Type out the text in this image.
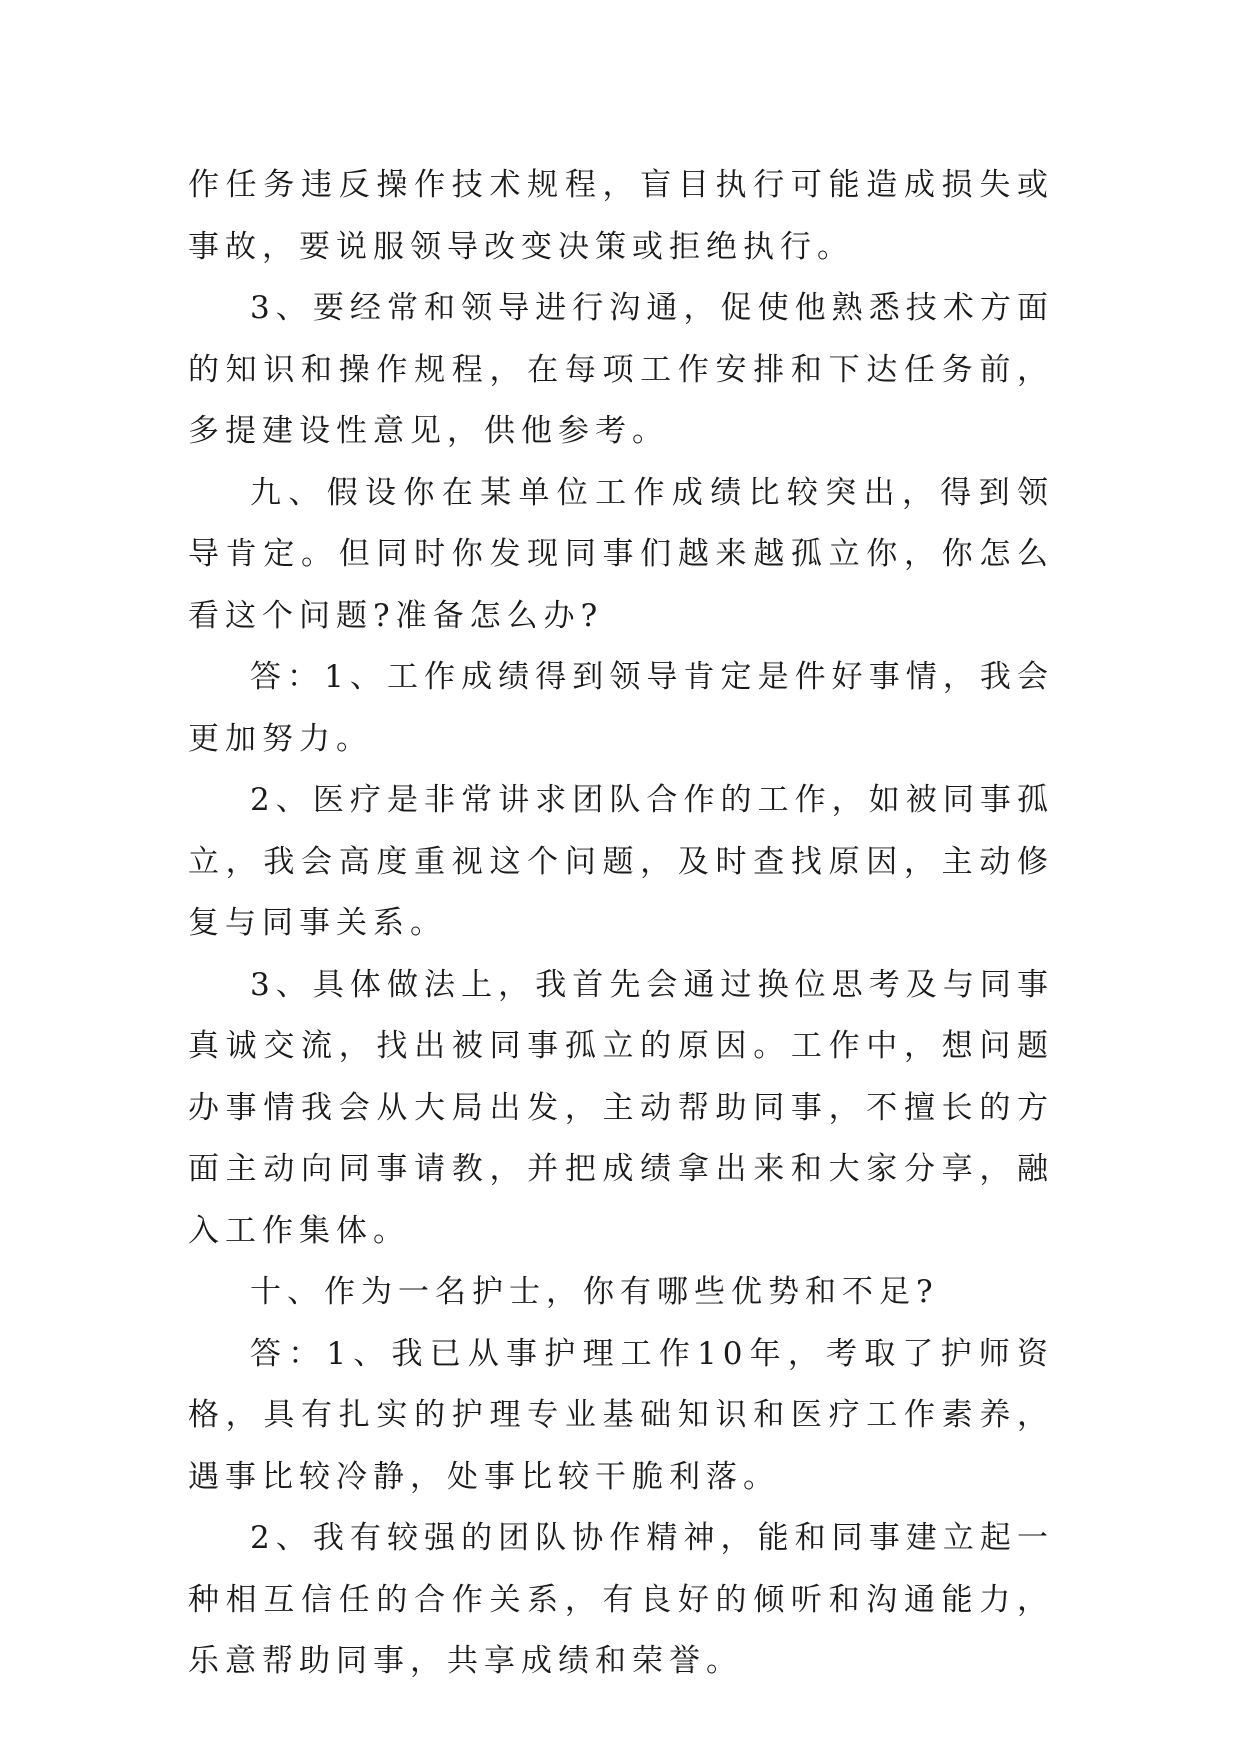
作任务违反操作技术规程，盲目执行可能造成损失或事故，要说服领导改变决策或拒绝执行。

3、要经常和领导进行沟通，促使他熟悉技术方面的知识和操作规程，在每项工作安排和下达任务前，多提建设性意见，供他参考。

九、假设你在某单位工作成绩比较突出，得到领导肯定。但同时你发现同事们越来越孤立你，你怎么看这个问题?准备怎么办?

答：1、工作成绩得到领导肯定是件好事情，我会更加努力。

2、医疗是非常讲求团队合作的工作，如被同事孤立，我会高度重视这个问题，及时查找原因，主动修复与同事关系。

3、具体做法上，我首先会通过换位思考及与同事真诚交流，找出被同事孤立的原因。工作中，想问题办事情我会从大局出发，主动帮助同事，不擅长的方面主动向同事请教，并把成绩拿出来和大家分享，融入工作集体。

十、作为一名护士，你有哪些优势和不足?

答：1、我已从事护理工作10年，考取了护师资格，具有扎实的护理专业基础知识和医疗工作素养，遇事比较冷静，处事比较干脆利落。

2、我有较强的团队协作精神，能和同事建立起一种相互信任的合作关系，有良好的倾听和沟通能力，乐意帮助同事，共享成绩和荣誉。
